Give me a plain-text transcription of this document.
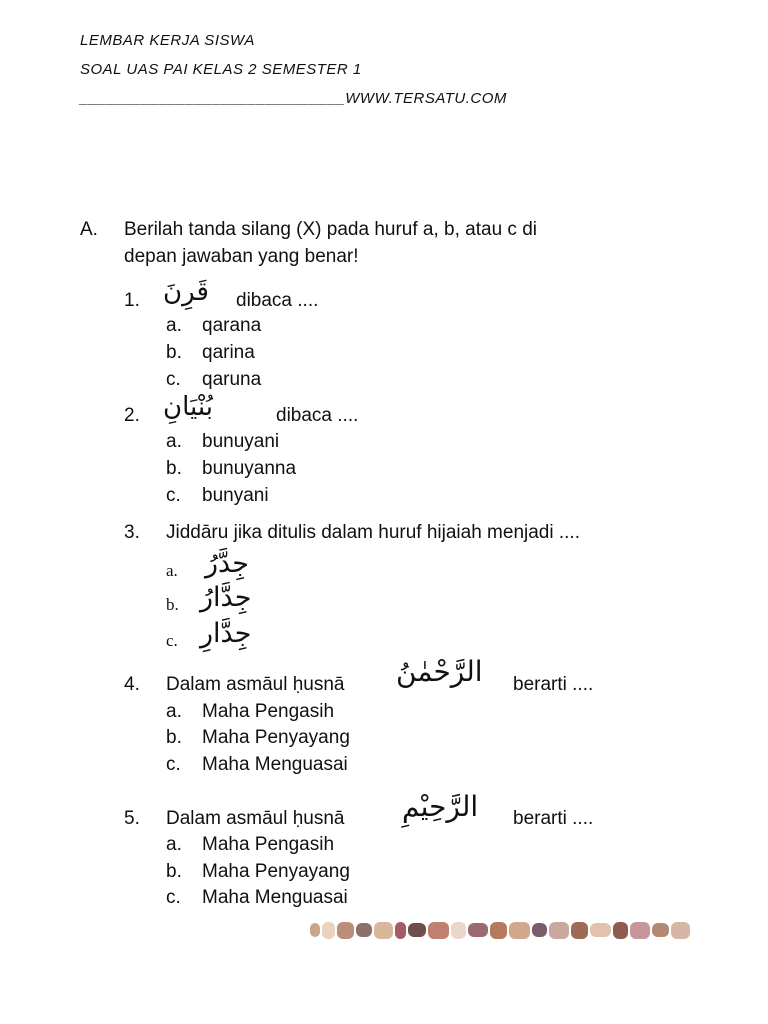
LEMBAR KERJA SISWA
SOAL UAS PAI KELAS 2 SEMESTER 1
______________________________WWW.TERSATU.COM
A. Berilah tanda silang (X) pada huruf a, b, atau c di
depan jawaban yang benar!
1. قَرِنَ dibaca ....
a. qarana
b. qarina
c. qaruna
2. بُنْيَانِ	dibaca ....
a. bunuyani
b. bunuyanna
c. bunyani
3. Jiddāru jika ditulis dalam huruf hijaiah menjadi ....
a. جِدَّرُ
b. جِدَّارُ
c. جِدَّارِ
4. Dalam asmāul ḥusnā الرَّحْمٰنُ berarti ....
a. Maha Pengasih
b. Maha Penyayang
c. Maha Menguasai
5. Dalam asmāul ḥusnā الرَّحِيْمِ berarti ....
a. Maha Pengasih
b. Maha Penyayang
c. Maha Menguasai
